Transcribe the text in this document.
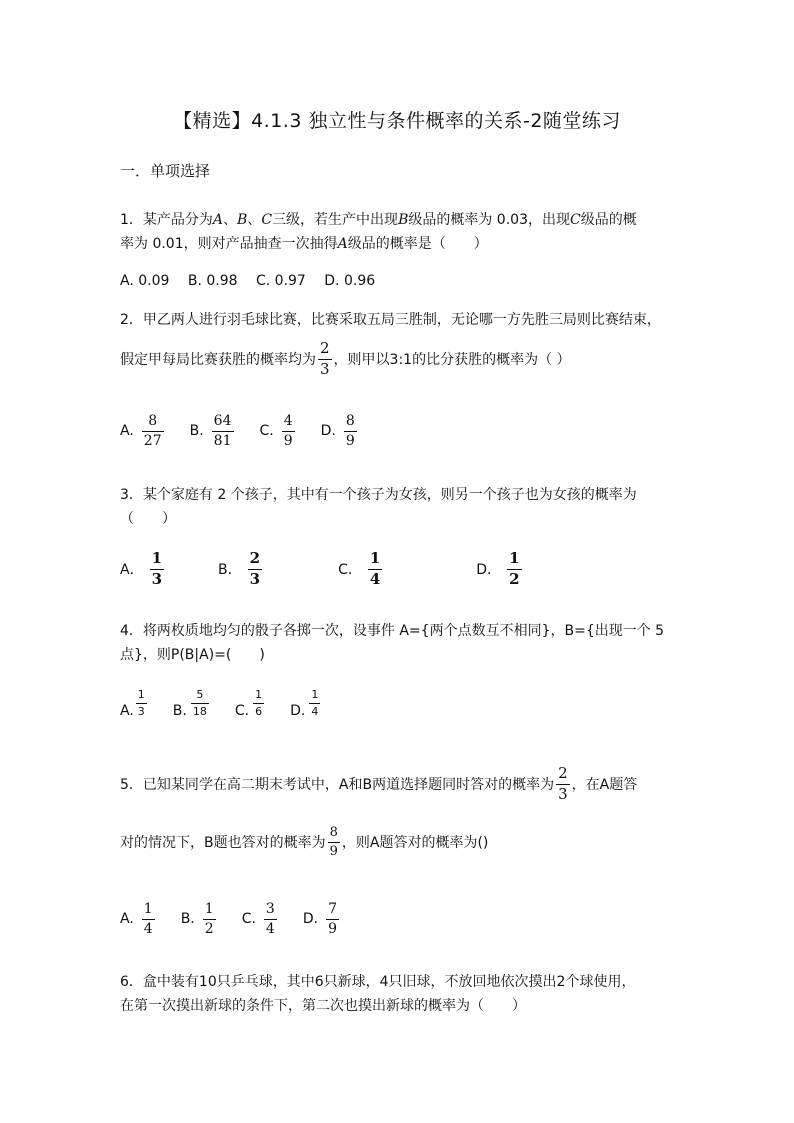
【精选】4.1.3 独立性与条件概率的关系-2随堂练习
一．单项选择
1．某产品分为A、B、C三级，若生产中出现B级品的概率为 0.03，出现C级品的概
率为 0.01，则对产品抽查一次抽得A级品的概率是（　　）
A. 0.09　 B. 0.98　 C. 0.97　 D. 0.96
2．甲乙两人进行羽毛球比赛，比赛采取五局三胜制，无论哪一方先胜三局则比赛结束，
假定甲每局比赛获胜的概率均为 $\frac{2}{3}$ ，则甲以3:1的比分获胜的概率为（ ）
A. $\frac{8}{27} B$. $\frac{64}{81} C$. $\frac{4}{9} D$. $\frac{8}{9}$
3．某个家庭有 2 个孩子，其中有一个孩子为女孩，则另一个孩子也为女孩的概率为
（　　）
A． $\frac{1}{3}$	B． $\frac{2}{3}$	C． $\frac{1}{4}$	D． $\frac{1}{2}$
4．将两枚质地均匀的骰子各掷一次，设事件 A={两个点数互不相同}，B={出现一个 5
点}，则P(B|A)=(　　)
A. $\frac{1}{3} B$. $\frac{5}{18} C$. $\frac{1}{6} D$. $\frac{1}{4}$
5．已知某同学在高二期末考试中，A和B两道选择题同时答对的概率为 $\frac{2}{3}$ ，在A题答
对的情况下，B题也答对的概率为 $\frac{8}{9}$ ，则A题答对的概率为()
A. $\frac{1}{4} B$. $\frac{1}{2} C$. $\frac{3}{4} D$. $\frac{7}{9}$
6．盒中装有10只乒乓球，其中6只新球，4只旧球，不放回地依次摸出2个球使用，
在第一次摸出新球的条件下，第二次也摸出新球的概率为（　　）
